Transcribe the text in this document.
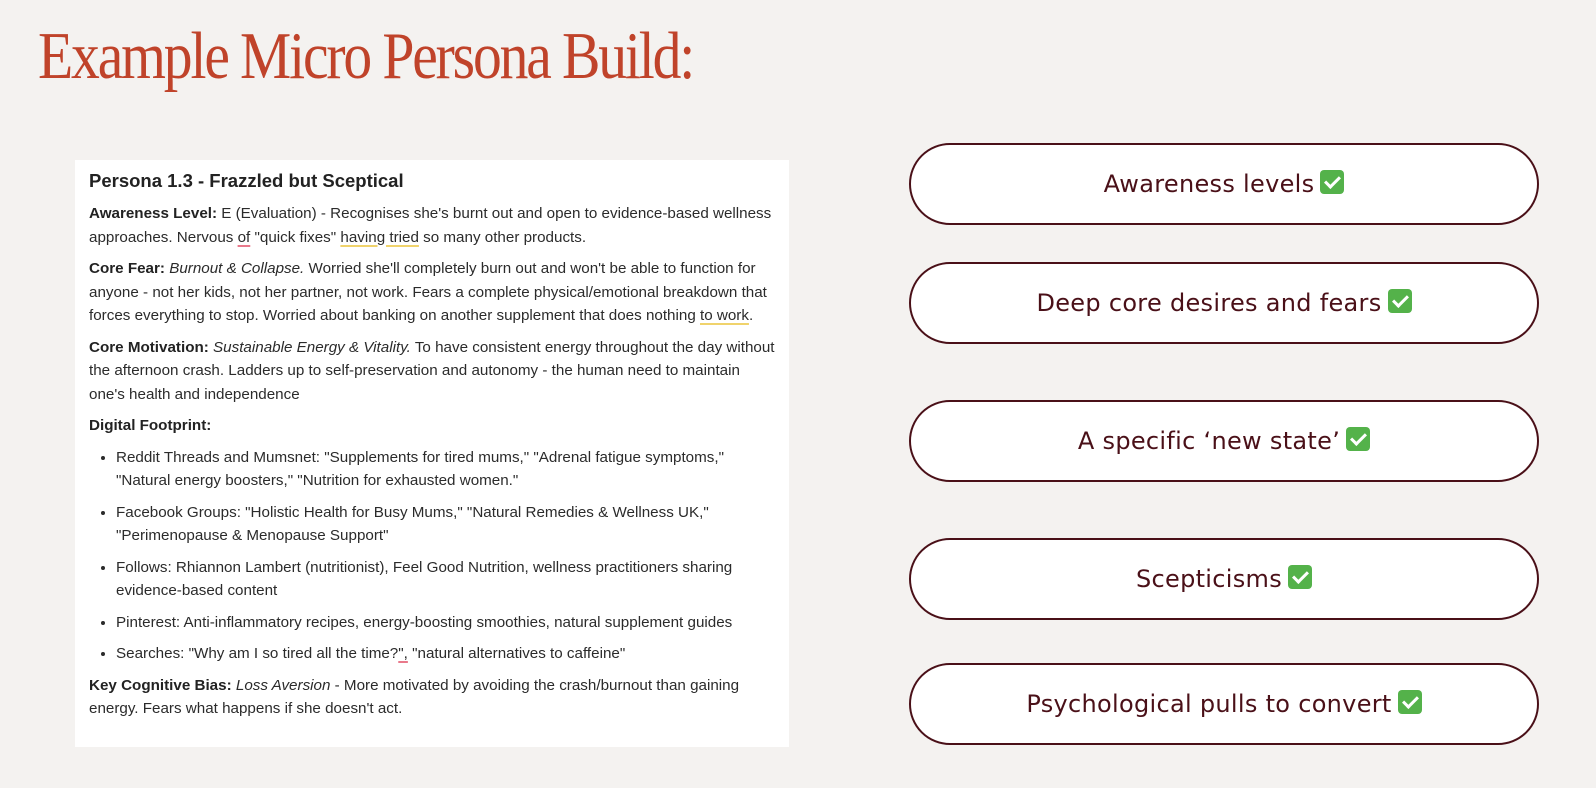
Example Micro Persona Build:
Persona 1.3 - Frazzled but Sceptical

Awareness Level: E (Evaluation) - Recognises she's burnt out and open to evidence-based wellness approaches. Nervous of "quick fixes" having tried so many other products.

Core Fear: Burnout & Collapse. Worried she'll completely burn out and won't be able to function for anyone - not her kids, not her partner, not work. Fears a complete physical/emotional breakdown that forces everything to stop. Worried about banking on another supplement that does nothing to work.

Core Motivation: Sustainable Energy & Vitality. To have consistent energy throughout the day without the afternoon crash. Ladders up to self-preservation and autonomy - the human need to maintain one's health and independence

Digital Footprint:

• Reddit Threads and Mumsnet: "Supplements for tired mums," "Adrenal fatigue symptoms," "Natural energy boosters," "Nutrition for exhausted women."
• Facebook Groups: "Holistic Health for Busy Mums," "Natural Remedies & Wellness UK," "Perimenopause & Menopause Support"
• Follows: Rhiannon Lambert (nutritionist), Feel Good Nutrition, wellness practitioners sharing evidence-based content
• Pinterest: Anti-inflammatory recipes, energy-boosting smoothies, natural supplement guides
• Searches: "Why am I so tired all the time?", "natural alternatives to caffeine"

Key Cognitive Bias: Loss Aversion - More motivated by avoiding the crash/burnout than gaining energy. Fears what happens if she doesn't act.

Awareness levels
Deep core desires and fears
A specific ‘new state’
Scepticisms
Psychological pulls to convert
